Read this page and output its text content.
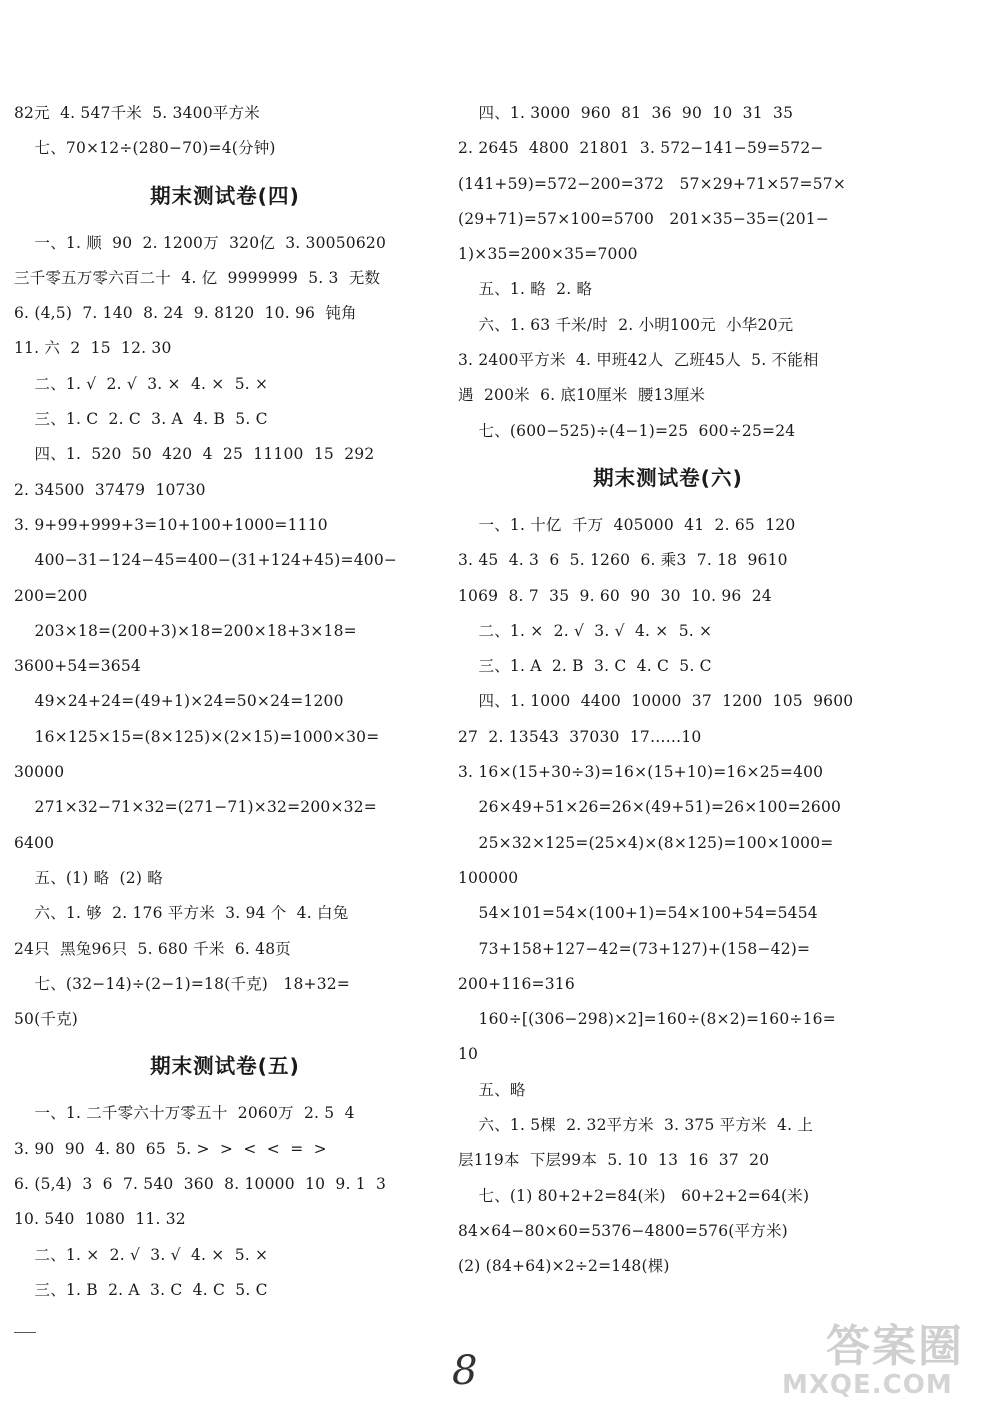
82元  4. 547千米  5. 3400平方米
七、70×12÷(280−70)=4(分钟)
期末测试卷(四)
一、1. 顺  90  2. 1200万  320亿  3. 30050620
三千零五万零六百二十  4. 亿  9999999  5. 3  无数
6. (4,5)  7. 140  8. 24  9. 8120  10. 96  钝角
11. 六  2  15  12. 30
二、1. √  2. √  3. ×  4. ×  5. ×
三、1. C  2. C  3. A  4. B  5. C
四、1.  520  50  420  4  25  11100  15  292
2. 34500  37479  10730
3. 9+99+999+3=10+100+1000=1110
400−31−124−45=400−(31+124+45)=400−
200=200
203×18=(200+3)×18=200×18+3×18=
3600+54=3654
49×24+24=(49+1)×24=50×24=1200
16×125×15=(8×125)×(2×15)=1000×30=
30000
271×32−71×32=(271−71)×32=200×32=
6400
五、(1) 略  (2) 略
六、1. 够  2. 176 平方米  3. 94 个  4. 白兔
24只  黑兔96只  5. 680 千米  6. 48页
七、(32−14)÷(2−1)=18(千克)   18+32=
50(千克)
期末测试卷(五)
一、1. 二千零六十万零五十  2060万  2. 5  4
3. 90  90  4. 80  65  5. >  >  <  <  =  >
6. (5,4)  3  6  7. 540  360  8. 10000  10  9. 1  3
10. 540  1080  11. 32
二、1. ×  2. √  3. √  4. ×  5. ×
三、1. B  2. A  3. C  4. C  5. C
四、1. 3000  960  81  36  90  10  31  35
2. 2645  4800  21801  3. 572−141−59=572−
(141+59)=572−200=372   57×29+71×57=57×
(29+71)=57×100=5700   201×35−35=(201−
1)×35=200×35=7000
五、1. 略  2. 略
六、1. 63 千米/时  2. 小明100元  小华20元
3. 2400平方米  4. 甲班42人  乙班45人  5. 不能相
遇  200米  6. 底10厘米  腰13厘米
七、(600−525)÷(4−1)=25  600÷25=24
期末测试卷(六)
一、1. 十亿  千万  405000  41  2. 65  120
3. 45  4. 3  6  5. 1260  6. 乘3  7. 18  9610
1069  8. 7  35  9. 60  90  30  10. 96  24
二、1. ×  2. √  3. √  4. ×  5. ×
三、1. A  2. B  3. C  4. C  5. C
四、1. 1000  4400  10000  37  1200  105  9600
27  2. 13543  37030  17……10
3. 16×(15+30÷3)=16×(15+10)=16×25=400
26×49+51×26=26×(49+51)=26×100=2600
25×32×125=(25×4)×(8×125)=100×1000=
100000
54×101=54×(100+1)=54×100+54=5454
73+158+127−42=(73+127)+(158−42)=
200+116=316
160÷[(306−298)×2]=160÷(8×2)=160÷16=
10
五、略
六、1. 5棵  2. 32平方米  3. 375 平方米  4. 上
层119本  下层99本  5. 10  13  16  37  20
七、(1) 80+2+2=84(米)   60+2+2=64(米)
84×64−80×60=5376−4800=576(平方米)
(2) (84+64)×2÷2=148(棵)
8	答案圈
MXQE.COM
